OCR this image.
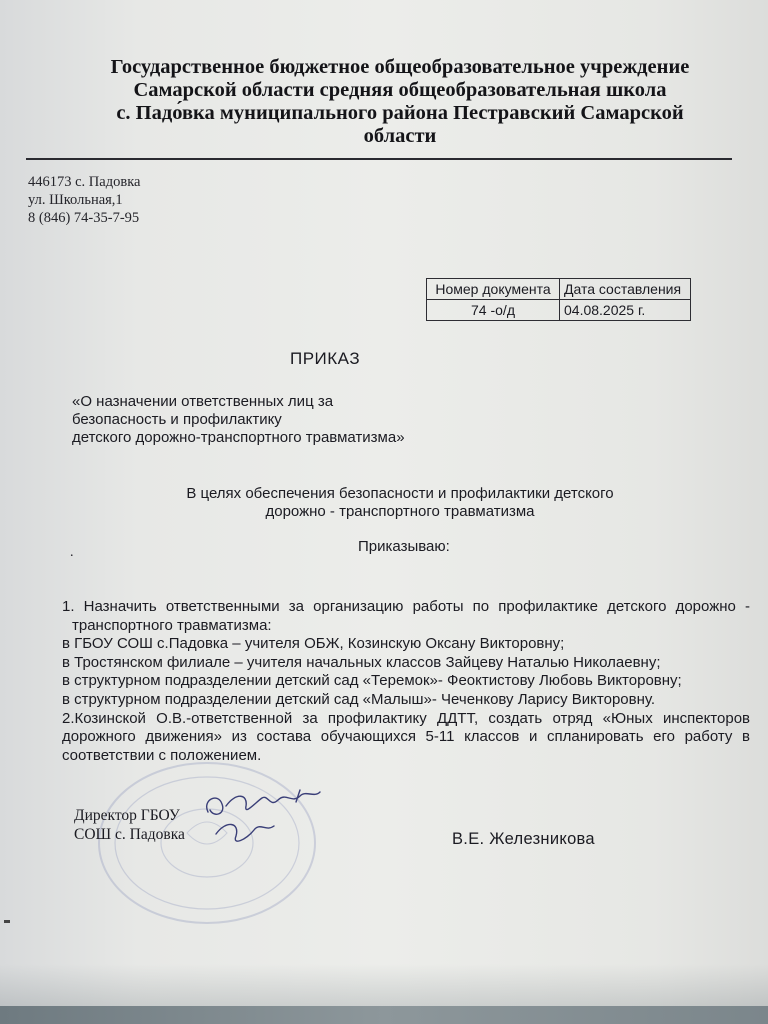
Государственное бюджетное общеобразовательное учреждение
Самарской области средняя общеобразовательная школа
с. Падо́вка муниципального района Пестравский Самарской
области
446173 с. Падовка
ул. Школьная,1
8 (846) 74-35-7-95
Номер документа	Дата составления
74 -о/д	04.08.2025 г.
ПРИКАЗ
«О назначении ответственных лиц за
безопасность и профилактику
детского дорожно-транспортного травматизма»
В целях обеспечения безопасности и профилактики детского
дорожно - транспортного травматизма
.	Приказываю:
1. Назначить ответственными за организацию работы по профилактике детского дорожно -
транспортного травматизма:
в ГБОУ СОШ с.Падовка – учителя ОБЖ, Козинскую Оксану Викторовну;
в Тростянском филиале – учителя начальных классов Зайцеву Наталью Николаевну;
в структурном подразделении детский сад «Теремок»- Феоктистову Любовь Викторовну;
в структурном подразделении детский сад «Малыш»- Чеченкову Ларису Викторовну.
2.Козинской О.В.-ответственной за профилактику ДДТТ, создать отряд «Юных инспекторов
дорожного движения» из состава обучающихся 5-11 классов и спланировать его работу в
соответствии с положением.
Директор ГБОУ
СОШ с. Падовка	В.Е. Железникова
